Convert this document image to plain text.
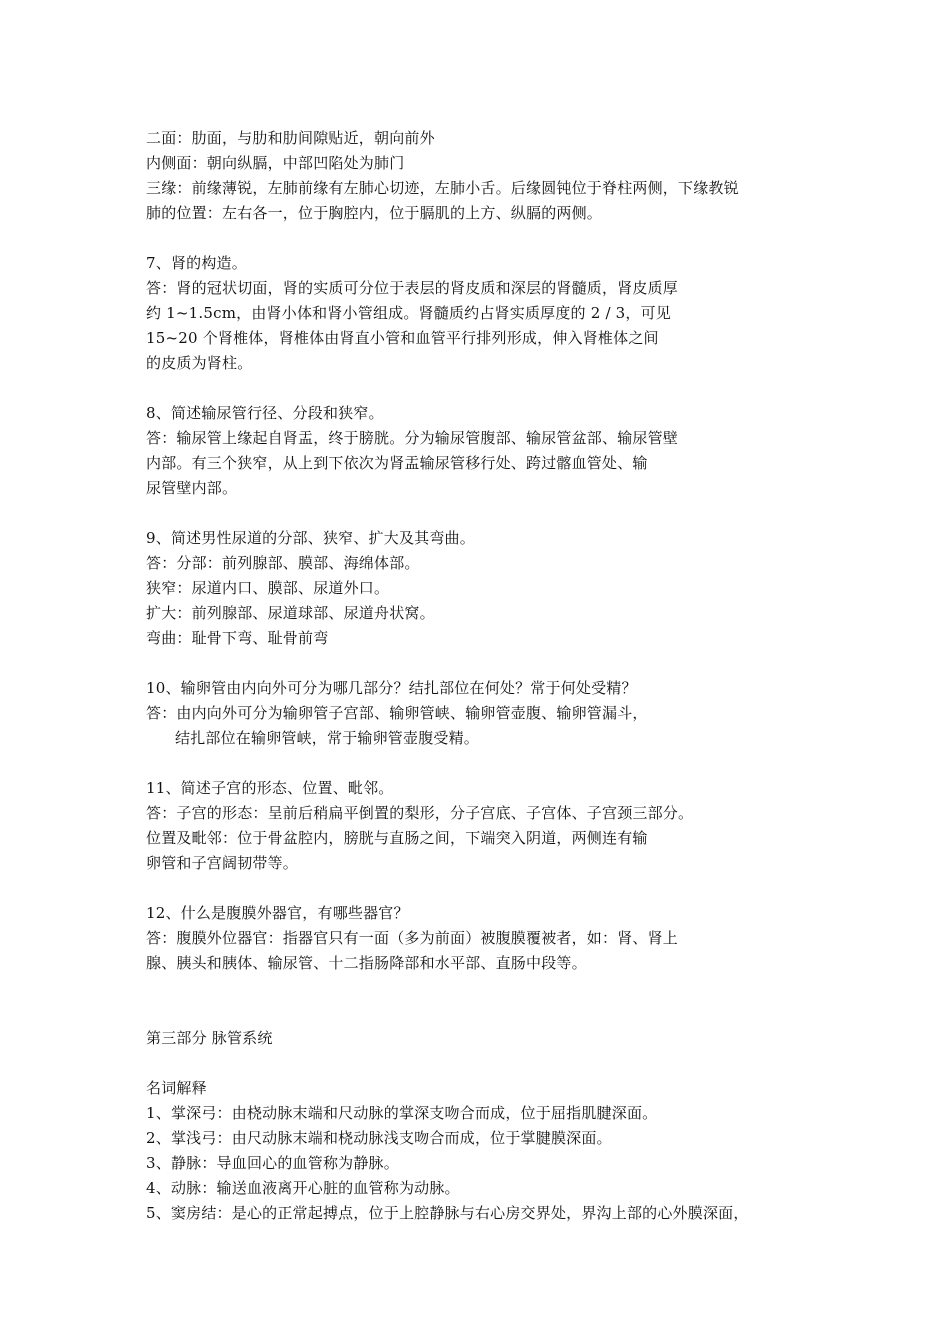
二面：肋面，与肋和肋间隙贴近，朝向前外
内侧面：朝向纵膈，中部凹陷处为肺门
三缘：前缘薄锐，左肺前缘有左肺心切迹，左肺小舌。后缘圆钝位于脊柱两侧，下缘教锐
肺的位置：左右各一，位于胸腔内，位于膈肌的上方、纵膈的两侧。
7、肾的构造。
答：肾的冠状切面，肾的实质可分位于表层的肾皮质和深层的肾髓质，肾皮质厚
约 1~1.5cm，由肾小体和肾小管组成。肾髓质约占肾实质厚度的 2 / 3，可见
15~20 个肾椎体，肾椎体由肾直小管和血管平行排列形成，伸入肾椎体之间
的皮质为肾柱。
8、简述输尿管行径、分段和狭窄。
答：输尿管上缘起自肾盂，终于膀胱。分为输尿管腹部、输尿管盆部、输尿管壁
内部。有三个狭窄，从上到下依次为肾盂输尿管移行处、跨过髂血管处、输
尿管壁内部。
9、简述男性尿道的分部、狭窄、扩大及其弯曲。
答：分部：前列腺部、膜部、海绵体部。
狭窄：尿道内口、膜部、尿道外口。
扩大：前列腺部、尿道球部、尿道舟状窝。
弯曲：耻骨下弯、耻骨前弯
10、输卵管由内向外可分为哪几部分？结扎部位在何处？常于何处受精？
答：由内向外可分为输卵管子宫部、输卵管峡、输卵管壶腹、输卵管漏斗，
结扎部位在输卵管峡，常于输卵管壶腹受精。
11、简述子宫的形态、位置、毗邻。
答：子宫的形态：呈前后稍扁平倒置的梨形，分子宫底、子宫体、子宫颈三部分。
位置及毗邻：位于骨盆腔内，膀胱与直肠之间，下端突入阴道，两侧连有输
卵管和子宫阔韧带等。
12、什么是腹膜外器官，有哪些器官？
答：腹膜外位器官：指器官只有一面（多为前面）被腹膜覆被者，如：肾、肾上
腺、胰头和胰体、输尿管、十二指肠降部和水平部、直肠中段等。
第三部分 脉管系统
名词解释
1、掌深弓：由桡动脉末端和尺动脉的掌深支吻合而成，位于屈指肌腱深面。
2、掌浅弓：由尺动脉末端和桡动脉浅支吻合而成，位于掌腱膜深面。
3、静脉：导血回心的血管称为静脉。
4、动脉：输送血液离开心脏的血管称为动脉。
5、窦房结：是心的正常起搏点，位于上腔静脉与右心房交界处，界沟上部的心外膜深面，
